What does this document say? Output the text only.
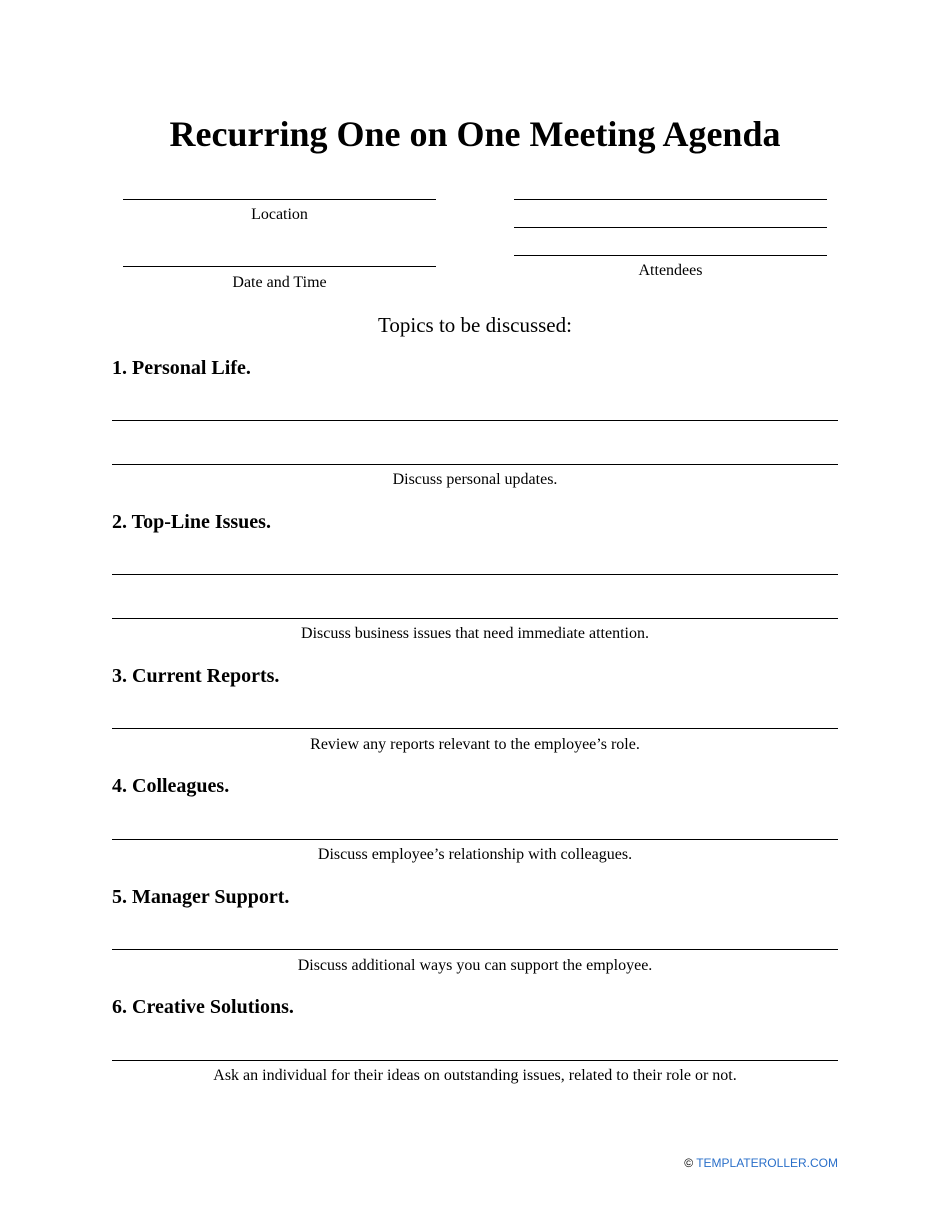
Recurring One on One Meeting Agenda
Location
Date and Time
Attendees
Topics to be discussed:
1. Personal Life.
Discuss personal updates.
2. Top-Line Issues.
Discuss business issues that need immediate attention.
3. Current Reports.
Review any reports relevant to the employee’s role.
4. Colleagues.
Discuss employee’s relationship with colleagues.
5. Manager Support.
Discuss additional ways you can support the employee.
6. Creative Solutions.
Ask an individual for their ideas on outstanding issues, related to their role or not.
© TEMPLATEROLLER.COM
